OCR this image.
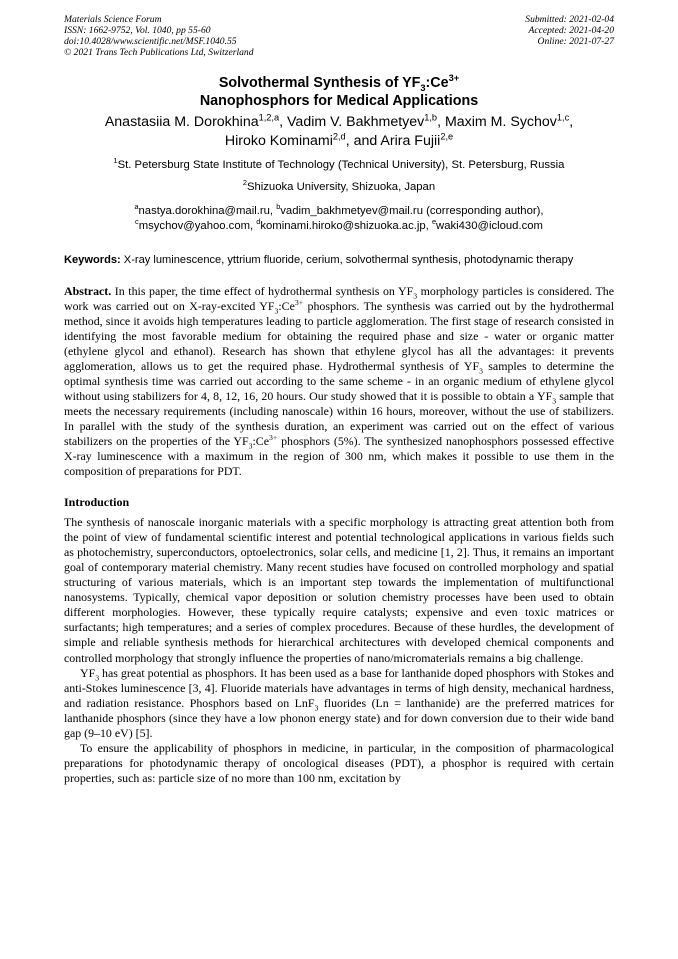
Materials Science Forum
ISSN: 1662-9752, Vol. 1040, pp 55-60
doi:10.4028/www.scientific.net/MSF.1040.55
© 2021 Trans Tech Publications Ltd, Switzerland
Submitted: 2021-02-04
Accepted: 2021-04-20
Online: 2021-07-27
Solvothermal Synthesis of $YF_3:Ce^{3+}$
Nanophosphors for Medical Applications
Anastasiia M. Dorokhina$^{1,2,a}$, Vadim V. Bakhmetyev$^{1,b}$, Maxim M. Sychov$^{1,c}$,
Hiroko Kominami$^{2,d}$, and Arira Fujii$^{2,e}$
$^1$St. Petersburg State Institute of Technology (Technical University), St. Petersburg, Russia
$^2$Shizuoka University, Shizuoka, Japan
$^a$nastya.dorokhina@mail.ru, $^b$vadim_bakhmetyev@mail.ru (corresponding author),
$^c$msychov@yahoo.com, $^d$kominami.hiroko@shizuoka.ac.jp, $^e$waki430@icloud.com
Keywords: X-ray luminescence, yttrium fluoride, cerium, solvothermal synthesis, photodynamic therapy
Abstract. In this paper, the time effect of hydrothermal synthesis on $YF_3$ morphology particles is considered. The work was carried out on X-ray-excited $YF_3:Ce^{3+}$ phosphors. The synthesis was carried out by the hydrothermal method, since it avoids high temperatures leading to particle agglomeration. The first stage of research consisted in identifying the most favorable medium for obtaining the required phase and size - water or organic matter (ethylene glycol and ethanol). Research has shown that ethylene glycol has all the advantages: it prevents agglomeration, allows us to get the required phase. Hydrothermal synthesis of $YF_3$ samples to determine the optimal synthesis time was carried out according to the same scheme - in an organic medium of ethylene glycol without using stabilizers for 4, 8, 12, 16, 20 hours. Our study showed that it is possible to obtain a $YF_3$ sample that meets the necessary requirements (including nanoscale) within 16 hours, moreover, without the use of stabilizers. In parallel with the study of the synthesis duration, an experiment was carried out on the effect of various stabilizers on the properties of the $YF_3:Ce^{3+}$ phosphors (5%). The synthesized nanophosphors possessed effective X-ray luminescence with a maximum in the region of 300 nm, which makes it possible to use them in the composition of preparations for PDT.
Introduction
The synthesis of nanoscale inorganic materials with a specific morphology is attracting great attention both from the point of view of fundamental scientific interest and potential technological applications in various fields such as photochemistry, superconductors, optoelectronics, solar cells, and medicine [1, 2]. Thus, it remains an important goal of contemporary material chemistry. Many recent studies have focused on controlled morphology and spatial structuring of various materials, which is an important step towards the implementation of multifunctional nanosystems. Typically, chemical vapor deposition or solution chemistry processes have been used to obtain different morphologies. However, these typically require catalysts; expensive and even toxic matrices or surfactants; high temperatures; and a series of complex procedures. Because of these hurdles, the development of simple and reliable synthesis methods for hierarchical architectures with developed chemical components and controlled morphology that strongly influence the properties of nano/micromaterials remains a big challenge.
$YF_3$ has great potential as phosphors. It has been used as a base for lanthanide doped phosphors with Stokes and anti-Stokes luminescence [3, 4]. Fluoride materials have advantages in terms of high density, mechanical hardness, and radiation resistance. Phosphors based on LnF$_3$ fluorides (Ln = lanthanide) are the preferred matrices for lanthanide phosphors (since they have a low phonon energy state) and for down conversion due to their wide band gap (9–10 eV) [5].
To ensure the applicability of phosphors in medicine, in particular, in the composition of pharmacological preparations for photodynamic therapy of oncological diseases (PDT), a phosphor is required with certain properties, such as: particle size of no more than 100 nm, excitation by
